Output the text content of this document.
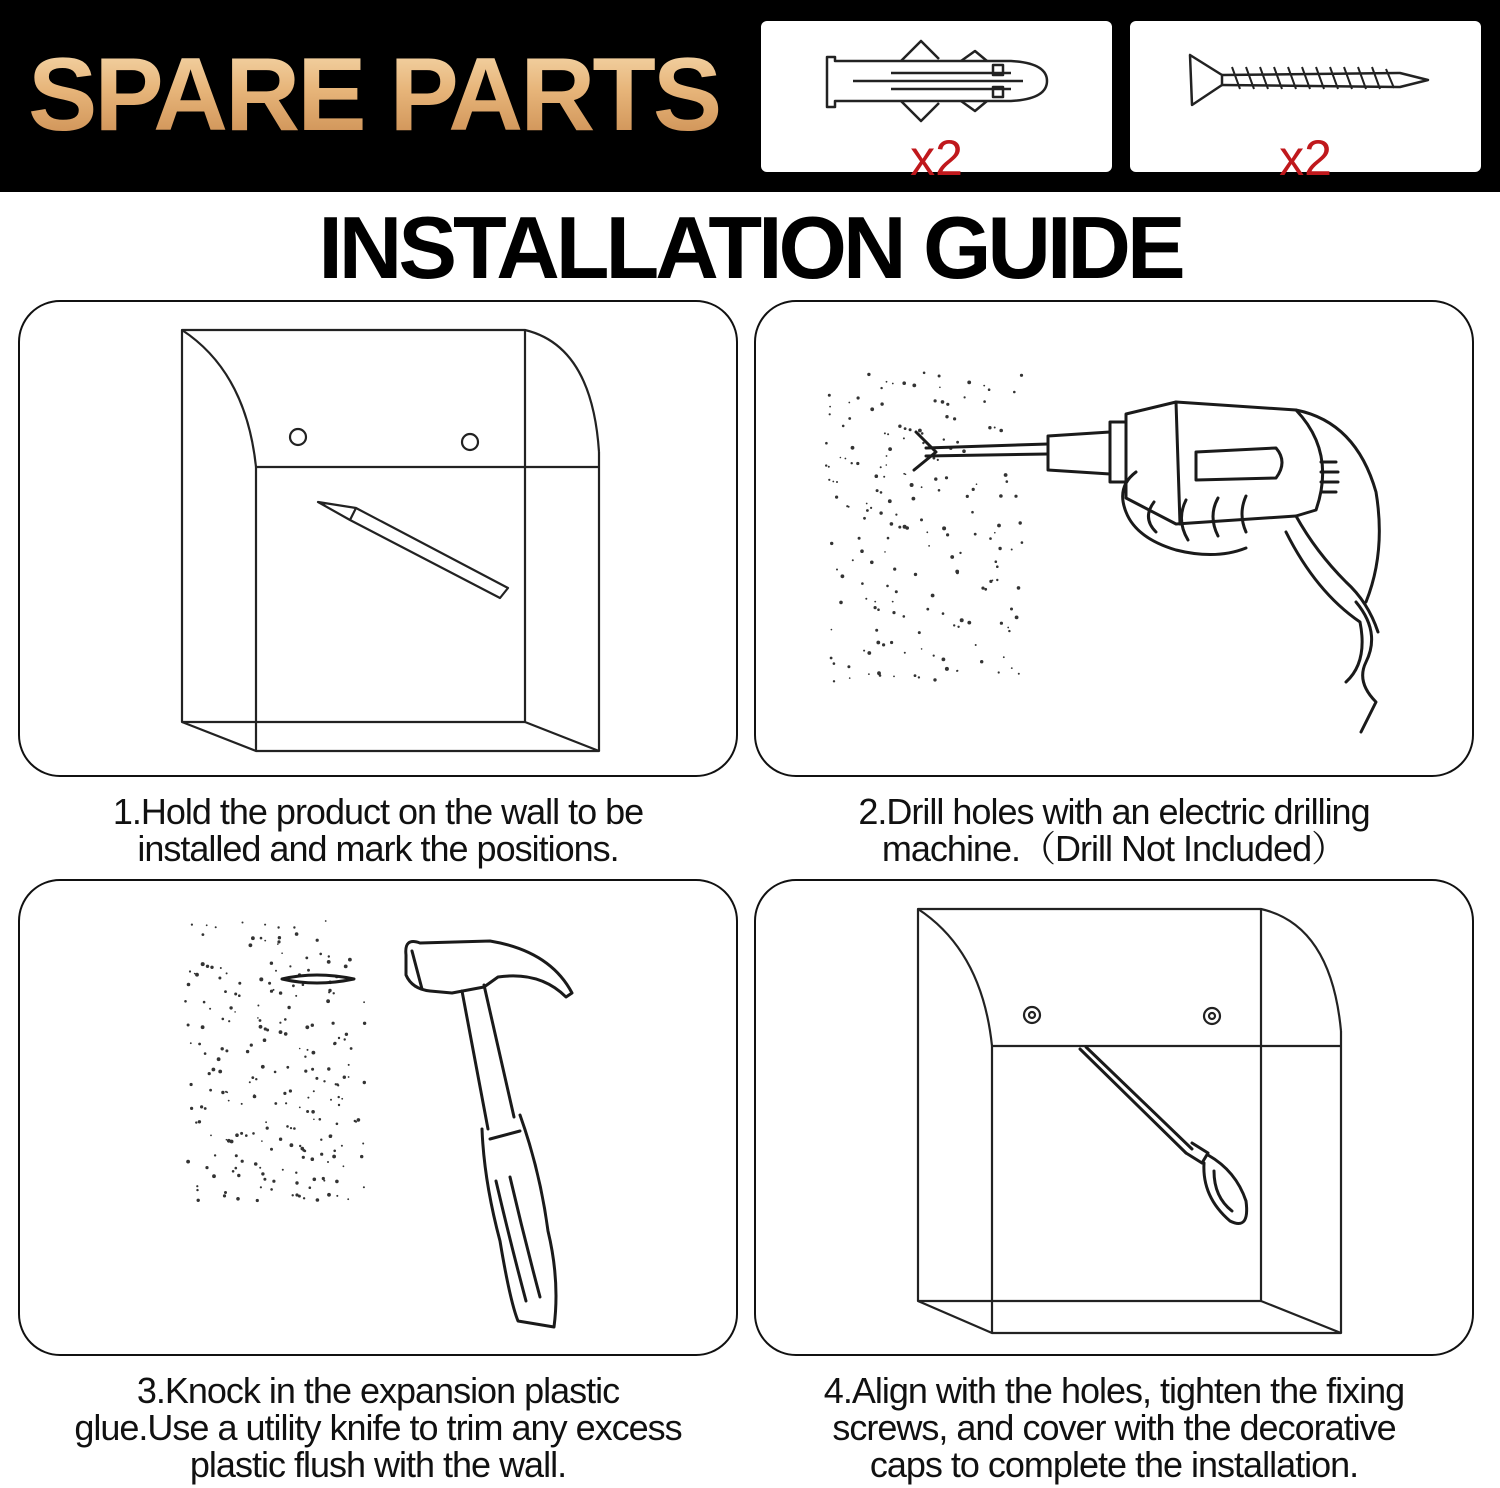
SPARE PARTS
x2	x2
INSTALLATION GUIDE
1.Hold the product on the wall to be
installed and mark the positions.
2.Drill holes with an electric drilling
machine.（Drill Not Included）
3.Knock in the expansion plastic
glue.Use a utility knife to trim any excess
plastic flush with the wall.
4.Align with the holes, tighten the fixing
screws, and cover with the decorative
caps to complete the installation.
